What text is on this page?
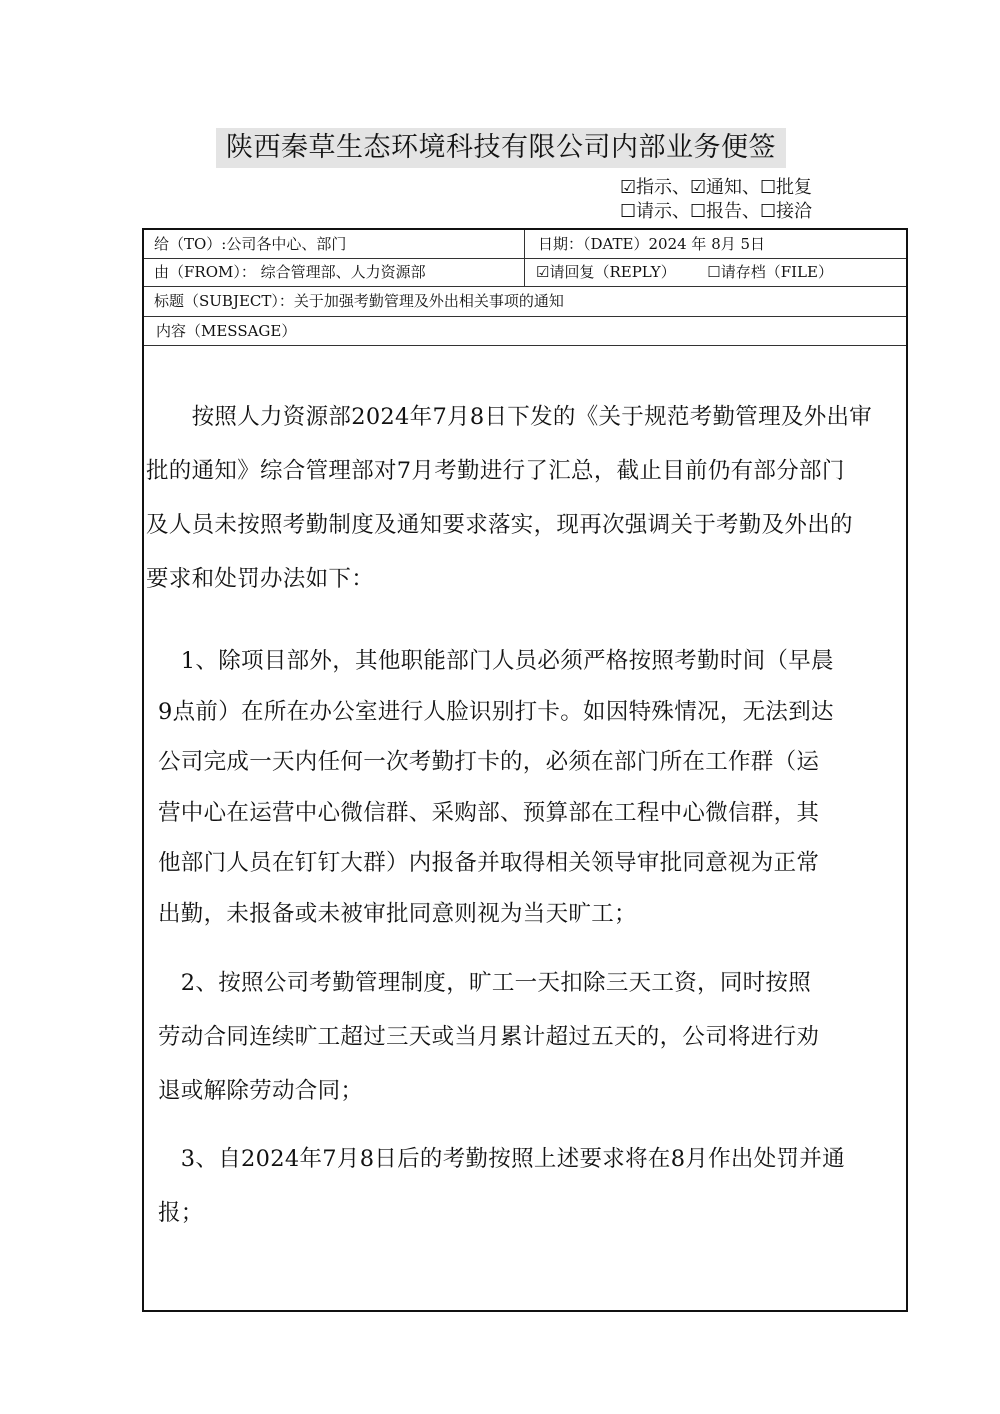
陕西秦草生态环境科技有限公司内部业务便签
☑指示、☑通知、☐批复
☐请示、☐报告、☐接洽
给（TO）:公司各中心、部门	日期：（DATE）2024 年 8月 5日
由（FROM）： 综合管理部、人力资源部	☑请回复（REPLY） ☐请存档（FILE）
标题（SUBJECT）：关于加强考勤管理及外出相关事项的通知
内容（MESSAGE）
　　按照人力资源部2024年7月8日下发的《关于规范考勤管理及外出审
批的通知》综合管理部对7月考勤进行了汇总，截止目前仍有部分部门
及人员未按照考勤制度及通知要求落实，现再次强调关于考勤及外出的
要求和处罚办法如下：
　1、除项目部外，其他职能部门人员必须严格按照考勤时间（早晨
9点前）在所在办公室进行人脸识别打卡。如因特殊情况，无法到达
公司完成一天内任何一次考勤打卡的，必须在部门所在工作群（运
营中心在运营中心微信群、采购部、预算部在工程中心微信群，其
他部门人员在钉钉大群）内报备并取得相关领导审批同意视为正常
出勤，未报备或未被审批同意则视为当天旷工；
　2、按照公司考勤管理制度，旷工一天扣除三天工资，同时按照
劳动合同连续旷工超过三天或当月累计超过五天的，公司将进行劝
退或解除劳动合同；
　3、自2024年7月8日后的考勤按照上述要求将在8月作出处罚并通
报；
